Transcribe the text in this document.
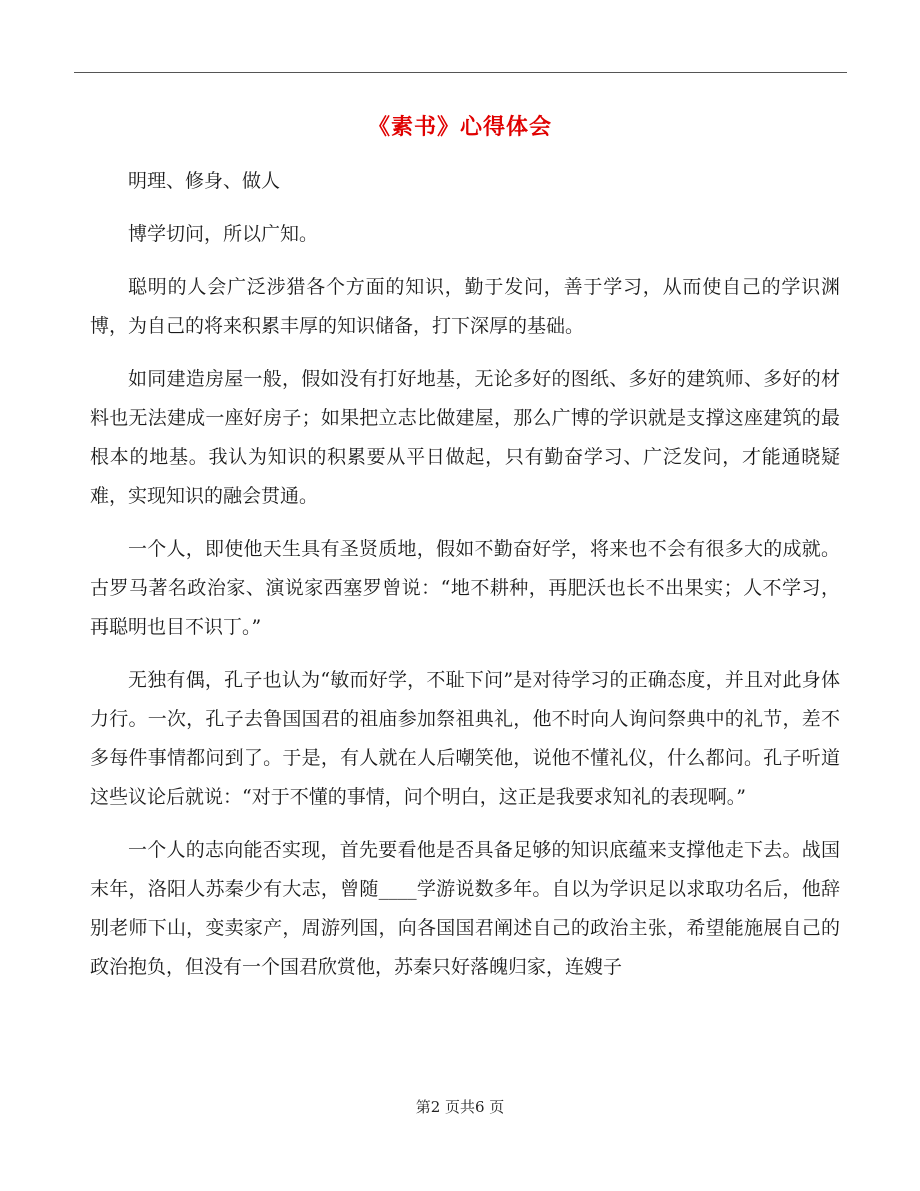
《素书》心得体会

明理、修身、做人

博学切问，所以广知。

聪明的人会广泛涉猎各个方面的知识，勤于发问，善于学习，从而使自己的学识渊博，为自己的将来积累丰厚的知识储备，打下深厚的基础。

如同建造房屋一般，假如没有打好地基，无论多好的图纸、多好的建筑师、多好的材料也无法建成一座好房子；如果把立志比做建屋，那么广博的学识就是支撑这座建筑的最根本的地基。我认为知识的积累要从平日做起，只有勤奋学习、广泛发问，才能通晓疑难，实现知识的融会贯通。

一个人，即使他天生具有圣贤质地，假如不勤奋好学，将来也不会有很多大的成就。古罗马著名政治家、演说家西塞罗曾说：“地不耕种，再肥沃也长不出果实；人不学习，再聪明也目不识丁。”

无独有偶，孔子也认为“敏而好学，不耻下问”是对待学习的正确态度，并且对此身体力行。一次，孔子去鲁国国君的祖庙参加祭祖典礼，他不时向人询问祭典中的礼节，差不多每件事情都问到了。于是，有人就在人后嘲笑他，说他不懂礼仪，什么都问。孔子听道这些议论后就说：“对于不懂的事情，问个明白，这正是我要求知礼的表现啊。”

一个人的志向能否实现，首先要看他是否具备足够的知识底蕴来支撑他走下去。战国末年，洛阳人苏秦少有大志，曾随____学游说数多年。自以为学识足以求取功名后，他辞别老师下山，变卖家产，周游列国，向各国国君阐述自己的政治主张，希望能施展自己的政治抱负，但没有一个国君欣赏他，苏秦只好落魄归家，连嫂子

第2 页共6 页
